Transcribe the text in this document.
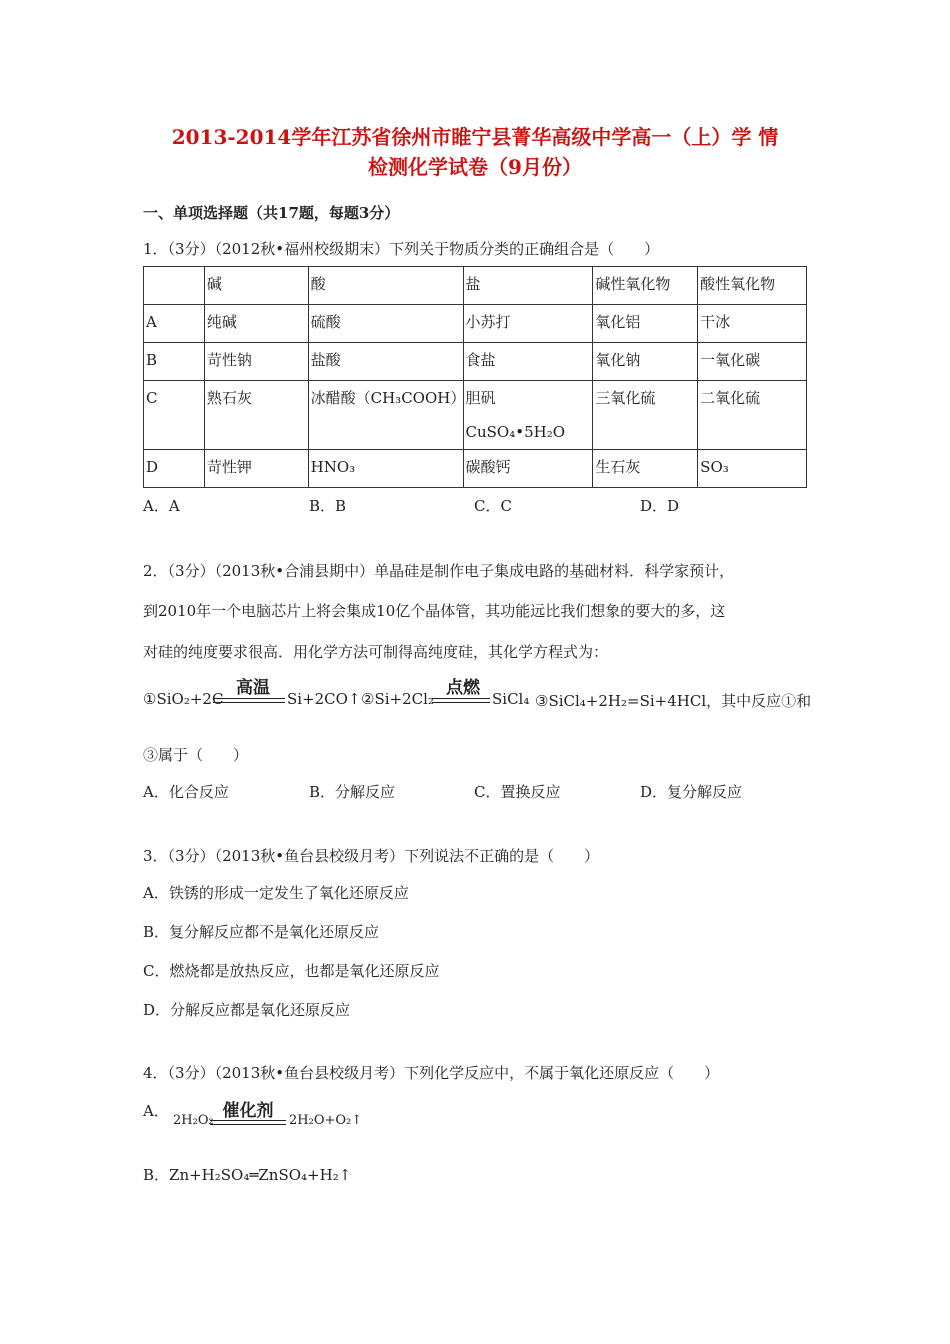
2013-2014学年江苏省徐州市睢宁县菁华高级中学高一（上）学 情
检测化学试卷（9月份）
一、单项选择题（共17题，每题3分）
1．（3分）（2012秋•福州校级期末）下列关于物质分类的正确组合是（　　）
	碱	酸	盐	碱性氧化物	酸性氧化物
A	纯碱	硫酸	小苏打	氧化铝	干冰
B	苛性钠	盐酸	食盐	氧化钠	一氧化碳
C	熟石灰	冰醋酸（CH₃COOH）	胆矾CuSO₄•5H₂O	三氧化硫	二氧化硫
D	苛性钾	HNO₃	碳酸钙	生石灰	SO₃
A．A	B．B	C．C	D．D
2．（3分）（2013秋•合浦县期中）单晶硅是制作电子集成电路的基础材料．科学家预计，
到2010年一个电脑芯片上将会集成10亿个晶体管，其功能远比我们想象的要大的多，这
对硅的纯度要求很高．用化学方法可制得高纯度硅，其化学方程式为：
①SiO₂+2C
高温
Si+2CO↑ ②Si+2Cl₂
点燃
SiCl₄ ③SiCl₄+2H₂=Si+4HCl，其中反应①和
③属于（　　）
A．化合反应	B．分解反应	C．置换反应	D．复分解反应
3．（3分）（2013秋•鱼台县校级月考）下列说法不正确的是（　　）
A．铁锈的形成一定发生了氧化还原反应
B．复分解反应都不是氧化还原反应
C．燃烧都是放热反应，也都是氧化还原反应
D．分解反应都是氧化还原反应
4．（3分）（2013秋•鱼台县校级月考）下列化学反应中，不属于氧化还原反应（　　）
A．
2H₂O₂ 催化剂	2H₂O+O₂↑
B．Zn+H₂SO₄═ZnSO₄+H₂↑
